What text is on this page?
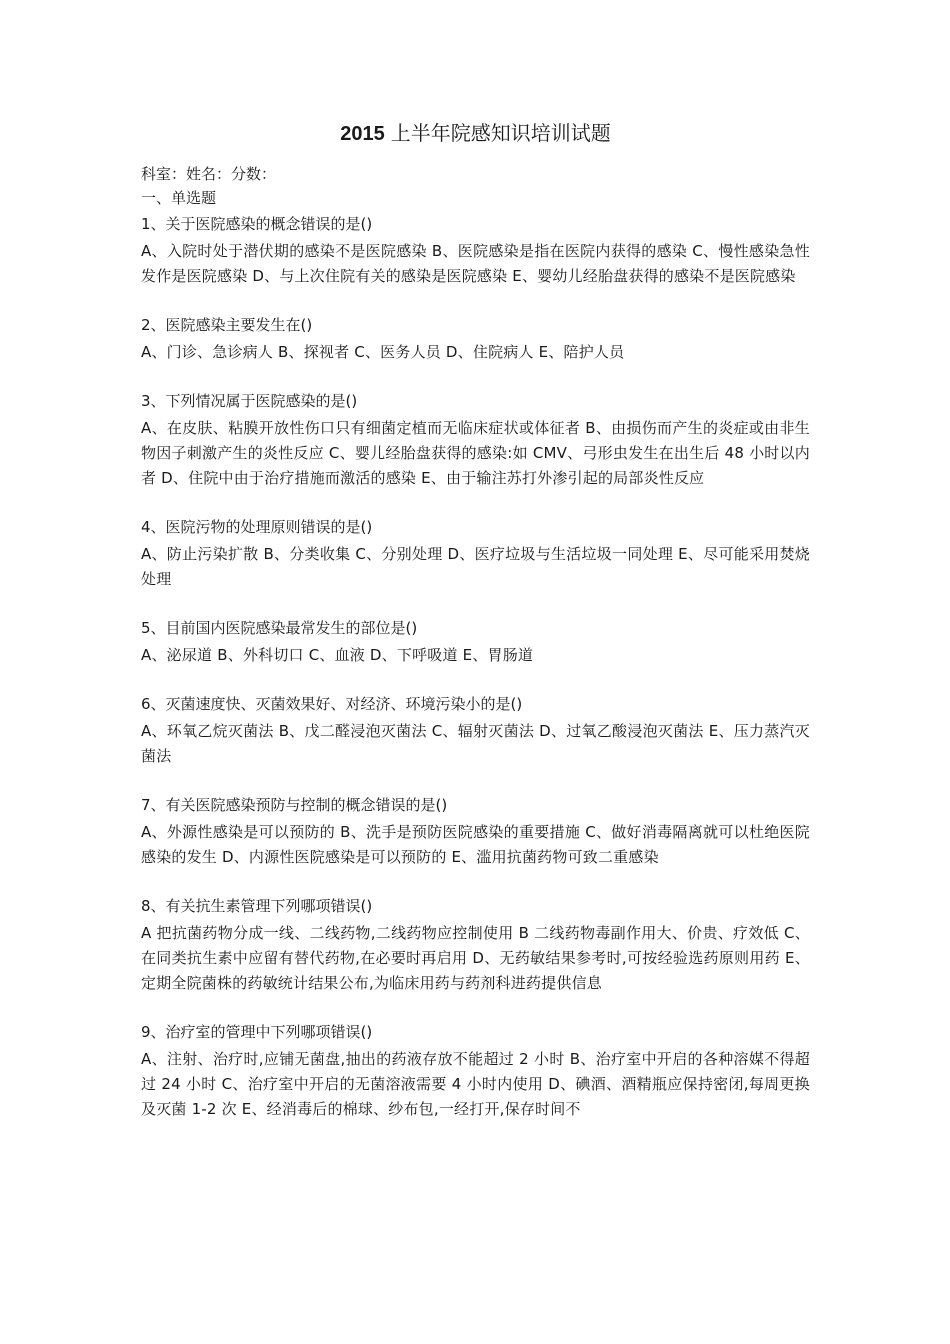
2015 上半年院感知识培训试题

科室：姓名：分数：

一、单选题

1、关于医院感染的概念错误的是()

A、入院时处于潜伏期的感染不是医院感染 B、医院感染是指在医院内获得的感染 C、慢性感染急性发作是医院感染 D、与上次住院有关的感染是医院感染 E、婴幼儿经胎盘获得的感染不是医院感染

2、医院感染主要发生在()

A、门诊、急诊病人 B、探视者 C、医务人员 D、住院病人 E、陪护人员

3、下列情况属于医院感染的是()

A、在皮肤、粘膜开放性伤口只有细菌定植而无临床症状或体征者 B、由损伤而产生的炎症或由非生物因子刺激产生的炎性反应 C、婴儿经胎盘获得的感染:如 CMV、弓形虫发生在出生后 48 小时以内者 D、住院中由于治疗措施而激活的感染 E、由于输注苏打外渗引起的局部炎性反应

4、医院污物的处理原则错误的是()

A、防止污染扩散 B、分类收集 C、分别处理 D、医疗垃圾与生活垃圾一同处理 E、尽可能采用焚烧处理

5、目前国内医院感染最常发生的部位是()

A、泌尿道 B、外科切口 C、血液 D、下呼吸道 E、胃肠道

6、灭菌速度快、灭菌效果好、对经济、环境污染小的是()

A、环氧乙烷灭菌法 B、戊二醛浸泡灭菌法 C、辐射灭菌法 D、过氧乙酸浸泡灭菌法 E、压力蒸汽灭菌法

7、有关医院感染预防与控制的概念错误的是()

A、外源性感染是可以预防的 B、洗手是预防医院感染的重要措施 C、做好消毒隔离就可以杜绝医院感染的发生 D、内源性医院感染是可以预防的 E、滥用抗菌药物可致二重感染

8、有关抗生素管理下列哪项错误()

A 把抗菌药物分成一线、二线药物,二线药物应控制使用 B 二线药物毒副作用大、价贵、疗效低 C、在同类抗生素中应留有替代药物,在必要时再启用 D、无药敏结果参考时,可按经验选药原则用药 E、定期全院菌株的药敏统计结果公布,为临床用药与药剂科进药提供信息

9、治疗室的管理中下列哪项错误()

A、注射、治疗时,应铺无菌盘,抽出的药液存放不能超过 2 小时 B、治疗室中开启的各种溶媒不得超过 24 小时 C、治疗室中开启的无菌溶液需要 4 小时内使用 D、碘酒、酒精瓶应保持密闭,每周更换及灭菌 1-2 次 E、经消毒后的棉球、纱布包,一经打开,保存时间不
